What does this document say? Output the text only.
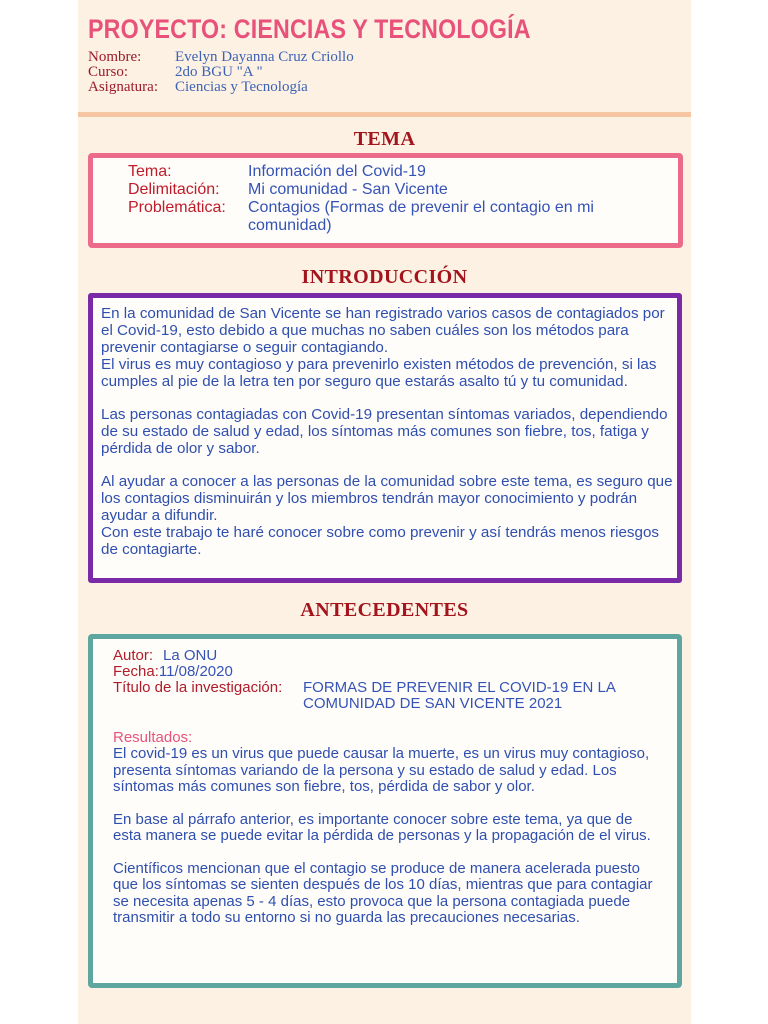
PROYECTO: CIENCIAS Y TECNOLOGÍA
Nombre:	Evelyn Dayanna Cruz Criollo
Curso:	2do BGU "A "
Asignatura:	Ciencias y Tecnología
TEMA
Tema:	Información del Covid-19
Delimitación:	Mi comunidad - San Vicente
Problemática:	Contagios (Formas de prevenir el contagio en mi comunidad)
INTRODUCCIÓN

En la comunidad de San Vicente se han registrado varios casos de contagiados por el Covid-19, esto debido a que muchas no saben cuáles son los métodos para prevenir contagiarse o seguir contagiando.

El virus es muy contagioso y para prevenirlo existen métodos de prevención, si las cumples al pie de la letra ten por seguro que estarás asalto tú y tu comunidad.

Las personas contagiadas con Covid-19 presentan síntomas variados, dependiendo de su estado de salud y edad, los síntomas más comunes son fiebre, tos, fatiga y pérdida de olor y sabor.

Al ayudar a conocer a las personas de la comunidad sobre este tema, es seguro que los contagios disminuirán y los miembros tendrán mayor conocimiento y podrán ayudar a difundir.

Con este trabajo te haré conocer sobre como prevenir y así tendrás menos riesgos de contagiarte.

ANTECEDENTES
Autor: La ONU
Fecha: 11/08/2020
Título de la investigación:	FORMAS DE PREVENIR EL COVID-19 EN LA COMUNIDAD DE SAN VICENTE 2021
Resultados:

El covid-19 es un virus que puede causar la muerte, es un virus muy contagioso, presenta síntomas variando de la persona y su estado de salud y edad. Los síntomas más comunes son fiebre, tos, pérdida de sabor y olor.

En base al párrafo anterior, es importante conocer sobre este tema, ya que de esta manera se puede evitar la pérdida de personas y la propagación de el virus.

Científicos mencionan que el contagio se produce de manera acelerada puesto que los síntomas se sienten después de los 10 días, mientras que para contagiar se necesita apenas 5 - 4 días, esto provoca que la persona contagiada puede transmitir a todo su entorno si no guarda las precauciones necesarias.
